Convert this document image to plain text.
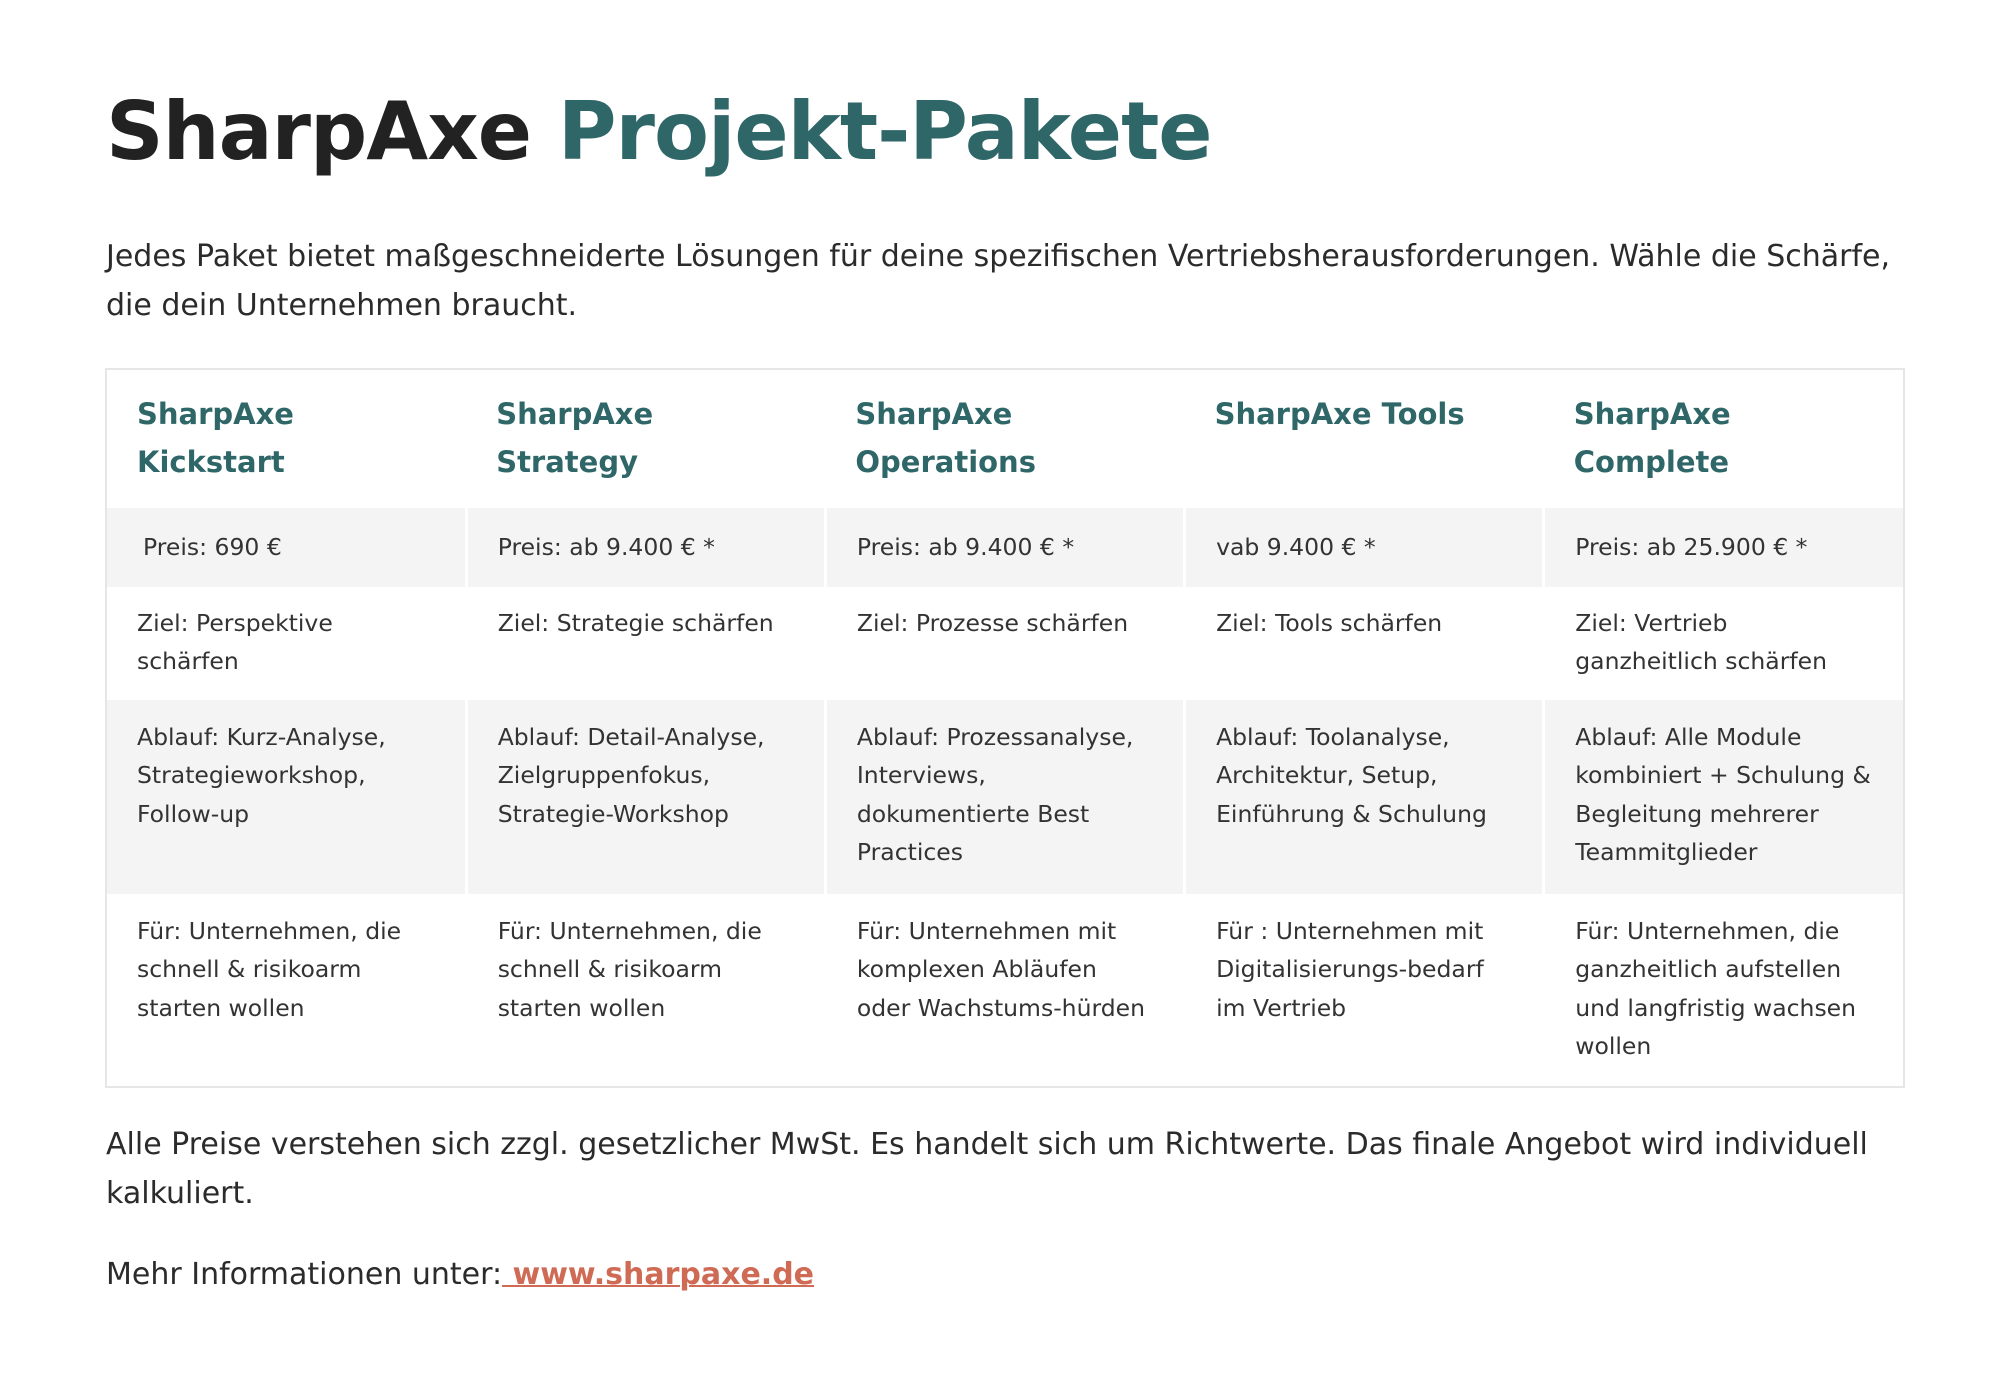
SharpAxe Projekt-Pakete

Jedes Paket bietet maßgeschneiderte Lösungen für deine spezifischen Vertriebsherausforderungen. Wähle die Schärfe, die dein Unternehmen braucht.

SharpAxe Kickstart	SharpAxe Strategy	SharpAxe Operations	SharpAxe Tools	SharpAxe Complete
Preis: 690 €	Preis: ab 9.400 € *	Preis: ab 9.400 € *	vab 9.400 € *	Preis: ab 25.900 € *
Ziel: Perspektive schärfen	Ziel: Strategie schärfen	Ziel: Prozesse schärfen	Ziel: Tools schärfen	Ziel: Vertrieb ganzheitlich schärfen
Ablauf: Kurz-Analyse, Strategieworkshop, Follow-up	Ablauf: Detail-Analyse, Zielgruppenfokus, Strategie-Workshop	Ablauf: Prozessanalyse, Interviews, dokumentierte Best Practices	Ablauf: Toolanalyse, Architektur, Setup, Einführung & Schulung	Ablauf: Alle Module kombiniert + Schulung & Begleitung mehrerer Teammitglieder
Für: Unternehmen, die schnell & risikoarm starten wollen	Für: Unternehmen, die schnell & risikoarm starten wollen	Für: Unternehmen mit komplexen Abläufen oder Wachstums-hürden	Für : Unternehmen mit Digitalisierungs-bedarf im Vertrieb	Für: Unternehmen, die ganzheitlich aufstellen und langfristig wachsen wollen

Alle Preise verstehen sich zzgl. gesetzlicher MwSt. Es handelt sich um Richtwerte. Das finale Angebot wird individuell kalkuliert.

Mehr Informationen unter: www.sharpaxe.de
